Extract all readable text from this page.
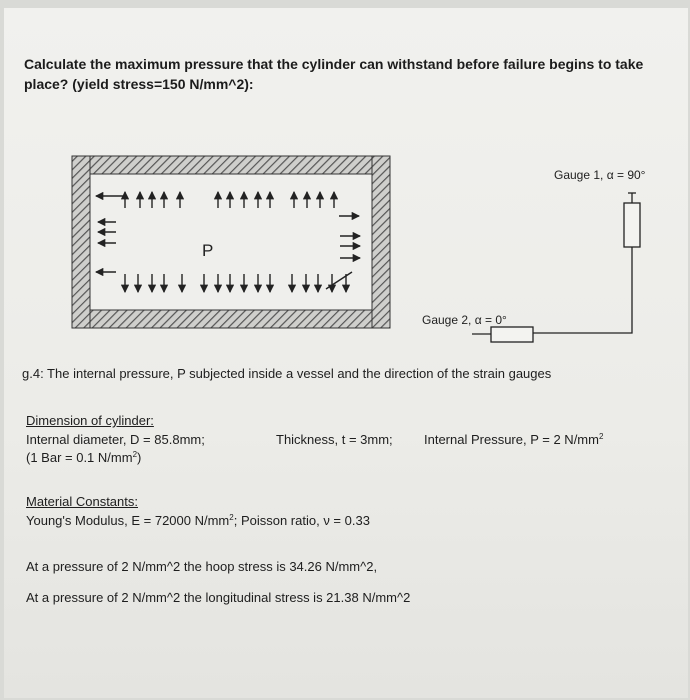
Calculate the maximum pressure that the cylinder can withstand before failure begins to take
place? (yield stress=150 N/mm^2):
P
Gauge 1, α = 90°
Gauge 2, α = 0°
g.4: The internal pressure, P subjected inside a vessel and the direction of the strain gauges
Dimension of cylinder:
Internal diameter, D = 85.8mm;	Thickness, t = 3mm; Internal Pressure, P = 2 $N/mm^2$
(1 Bar = 0.1 $N/mm^2$)
Material Constants:
Young's Modulus, E = 72000 $N/mm^2$; Poisson ratio, ν = 0.33
At a pressure of 2 N/mm^2 the hoop stress is 34.26 N/mm^2,
At a pressure of 2 N/mm^2 the longitudinal stress is 21.38 N/mm^2
